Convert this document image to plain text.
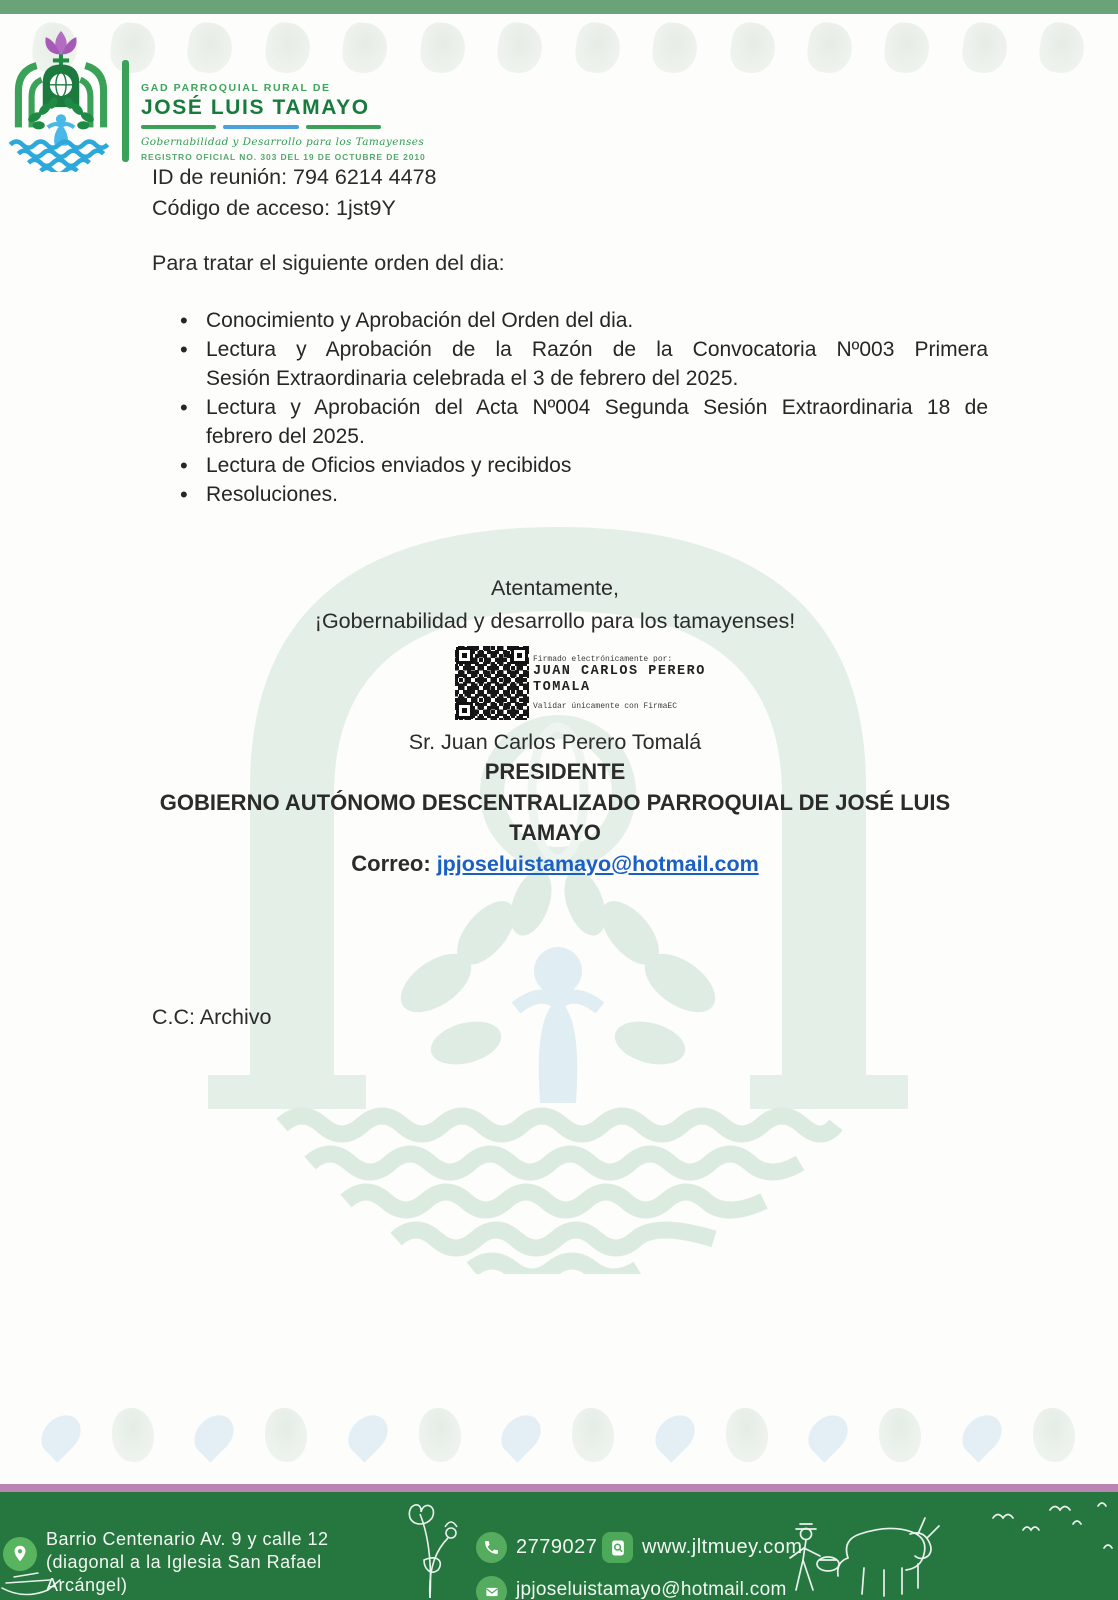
GAD PARROQUIAL RURAL DE
JOSÉ LUIS TAMAYO
Gobernabilidad y Desarrollo para los Tamayenses
REGISTRO OFICIAL NO. 303 DEL 19 DE OCTUBRE DE 2010

ID de reunión: 794 6214 4478
Código de acceso: 1jst9Y

Para tratar el siguiente orden del dia:

• Conocimiento y Aprobación del Orden del dia.
• Lectura y Aprobación de la Razón de la Convocatoria Nº003 Primera
Sesión Extraordinaria celebrada el 3 de febrero del 2025.
• Lectura y Aprobación del Acta Nº004 Segunda Sesión Extraordinaria 18 de
febrero del 2025.
• Lectura de Oficios enviados y recibidos
• Resoluciones.

Atentamente,
¡Gobernabilidad y desarrollo para los tamayenses!

Firmado electrónicamente por:
JUAN CARLOS PERERO
TOMALA
Validar únicamente con FirmaEC
Sr. Juan Carlos Perero Tomalá
PRESIDENTE
GOBIERNO AUTÓNOMO DESCENTRALIZADO PARROQUIAL DE JOSÉ LUIS
TAMAYO
Correo: jpjoseluistamayo@hotmail.com

C.C: Archivo

Barrio Centenario Av. 9 y calle 12
(diagonal a la Iglesia San Rafael
Arcángel)
2779027 www.jltmuey.com
jpjoseluistamayo@hotmail.com
